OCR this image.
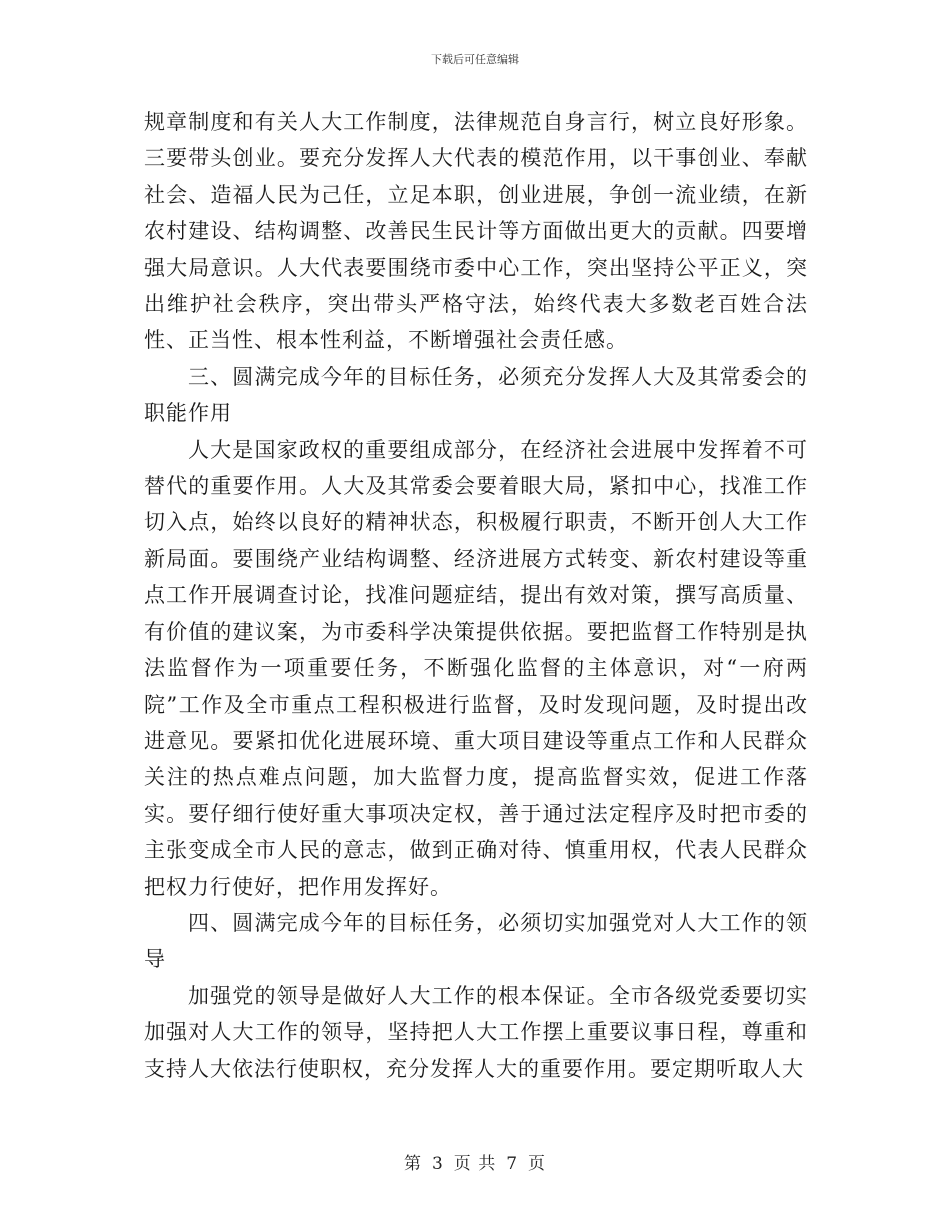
下载后可任意编辑

规章制度和有关人大工作制度，法律规范自身言行，树立良好形象。三要带头创业。要充分发挥人大代表的模范作用，以干事创业、奉献社会、造福人民为己任，立足本职，创业进展，争创一流业绩，在新农村建设、结构调整、改善民生民计等方面做出更大的贡献。四要增强大局意识。人大代表要围绕市委中心工作，突出坚持公平正义，突出维护社会秩序，突出带头严格守法，始终代表大多数老百姓合法性、正当性、根本性利益，不断增强社会责任感。

三、圆满完成今年的目标任务，必须充分发挥人大及其常委会的职能作用

人大是国家政权的重要组成部分，在经济社会进展中发挥着不可替代的重要作用。人大及其常委会要着眼大局，紧扣中心，找准工作切入点，始终以良好的精神状态，积极履行职责，不断开创人大工作新局面。要围绕产业结构调整、经济进展方式转变、新农村建设等重点工作开展调查讨论，找准问题症结，提出有效对策，撰写高质量、有价值的建议案，为市委科学决策提供依据。要把监督工作特别是执法监督作为一项重要任务，不断强化监督的主体意识，对“一府两院”工作及全市重点工程积极进行监督，及时发现问题，及时提出改进意见。要紧扣优化进展环境、重大项目建设等重点工作和人民群众关注的热点难点问题，加大监督力度，提高监督实效，促进工作落实。要仔细行使好重大事项决定权，善于通过法定程序及时把市委的主张变成全市人民的意志，做到正确对待、慎重用权，代表人民群众把权力行使好，把作用发挥好。

四、圆满完成今年的目标任务，必须切实加强党对人大工作的领导

加强党的领导是做好人大工作的根本保证。全市各级党委要切实加强对人大工作的领导，坚持把人大工作摆上重要议事日程，尊重和支持人大依法行使职权，充分发挥人大的重要作用。要定期听取人大

第 3 页 共 7 页
